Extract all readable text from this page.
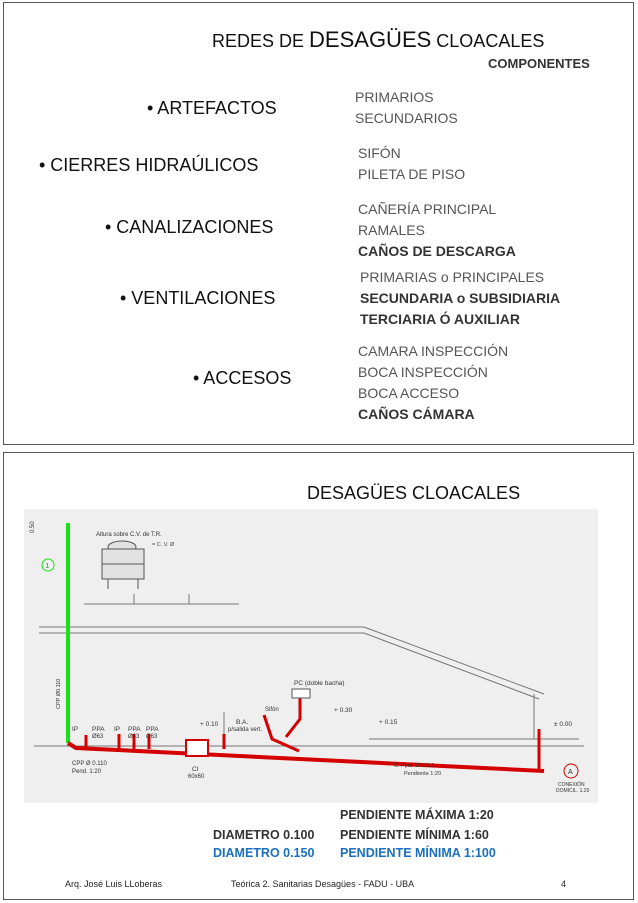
REDES DE DESAGÜES CLOACALES
COMPONENTES
• ARTEFACTOS
PRIMARIOS
SECUNDARIOS
• CIERRES HIDRAÚLICOS
SIFÓN
PILETA DE PISO
• CANALIZACIONES
CAÑERÍA PRINCIPAL
RAMALES
CAÑOS DE DESCARGA
• VENTILACIONES
PRIMARIAS o PRINCIPALES
SECUNDARIA o SUBSIDIARIA
TERCIARIA Ó AUXILIAR
• ACCESOS
CAMARA INSPECCIÓN
BOCA INSPECCIÓN
BOCA ACCESO
CAÑOS CÁMARA
DESAGÜES CLOACALES
Altura sobre C.V. de T.R.
= C. V. Ø
0.50
1
CPP Ø0.110
IP PPA
Ø63
IP PPA
Ø63
PPA
Ø63
CPP Ø 0.110
Pend. 1:20
+ 0.10
CI
60x60
B.A.
p/salida vert.
PC (doble bacha)
Sifón	+ 0.30
+ 0.15	± 0.00
C. Ppal. Ø 0.110
Pendiente 1:20	A
CONEXIÓN
DOMICIL. 1.20
PENDIENTE MÁXIMA 1:20
DIAMETRO 0.100 PENDIENTE MÍNIMA 1:60
DIAMETRO 0.150 PENDIENTE MÍNIMA 1:100
Arq. José Luis LLoberas	Teórica 2. Sanitarias Desagües - FADU - UBA	4
